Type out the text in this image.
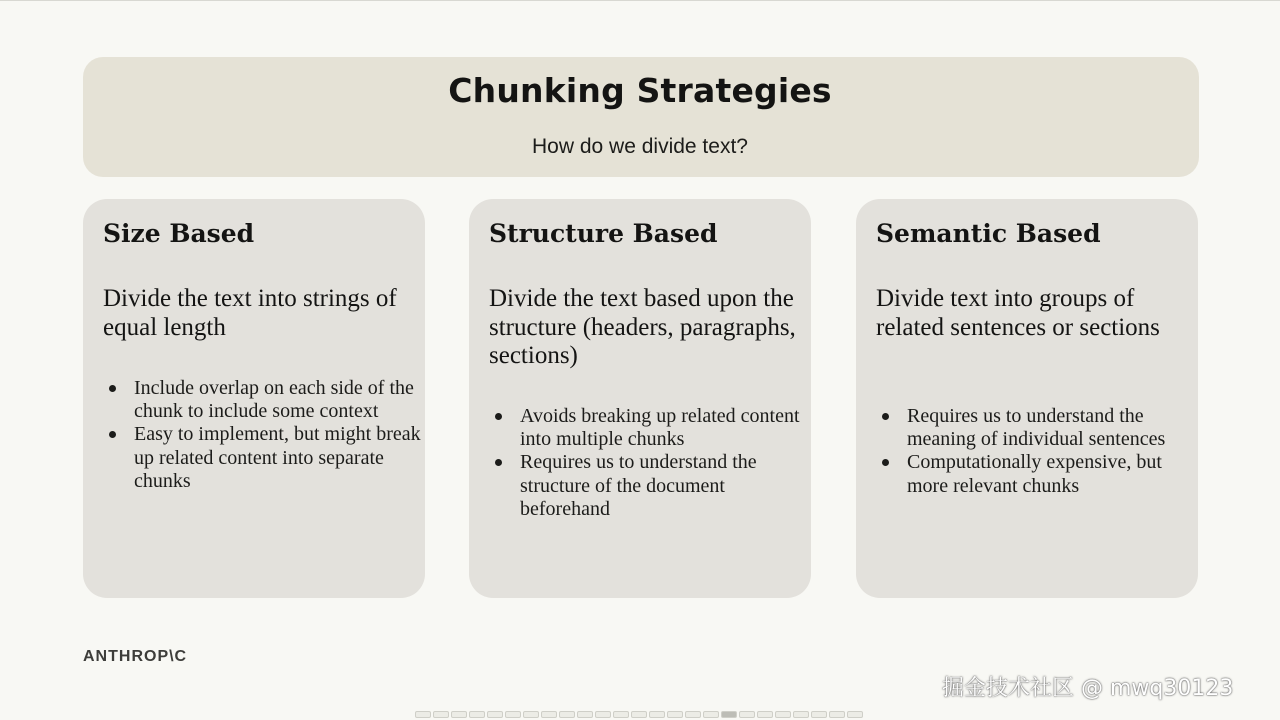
Chunking Strategies
How do we divide text?
Size Based
Divide the text into strings of equal length
Include overlap on each side of the chunk to include some context
Easy to implement, but might break up related content into separate chunks
Structure Based
Divide the text based upon the structure (headers, paragraphs, sections)
Avoids breaking up related content into multiple chunks
Requires us to understand the structure of the document beforehand
Semantic Based
Divide text into groups of related sentences or sections
Requires us to understand the meaning of individual sentences
Computationally expensive, but more relevant chunks
ANTHROP\C
掘金技术社区 @ mwq30123
